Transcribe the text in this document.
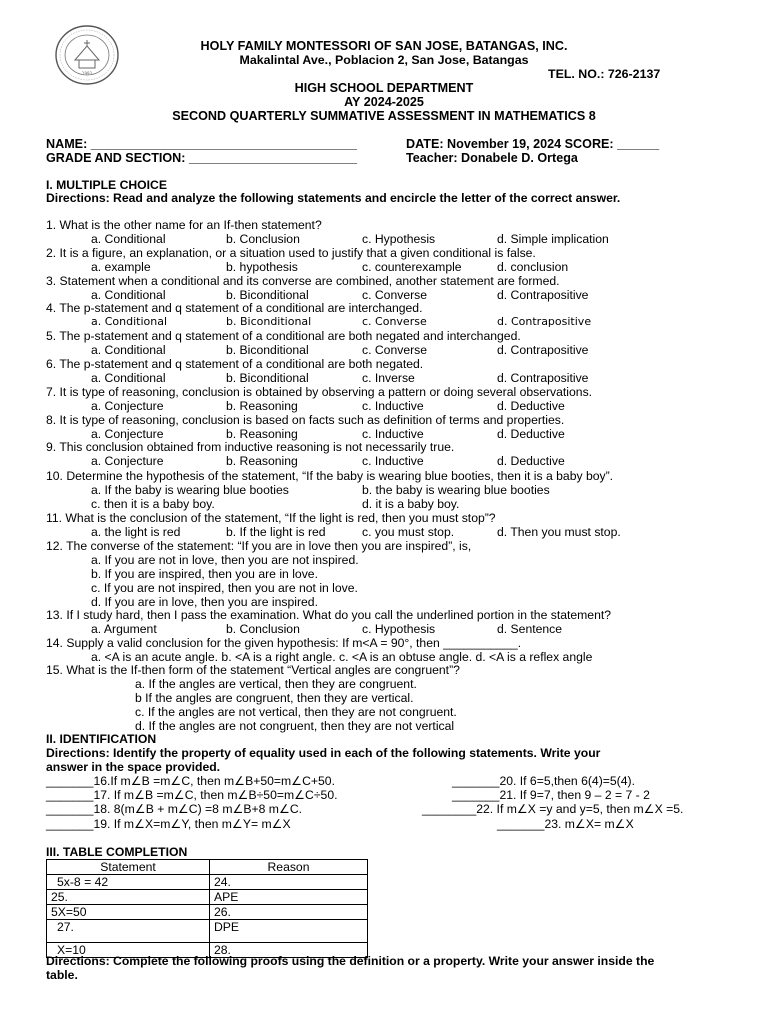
1993
HOLY FAMILY MONTESSORI OF SAN JOSE, BATANGAS, INC.
Makalintal Ave., Poblacion 2, San Jose, Batangas
TEL. NO.: 726-2137
HIGH SCHOOL DEPARTMENT
AY 2024-2025
SECOND QUARTERLY SUMMATIVE ASSESSMENT IN MATHEMATICS 8
NAME: ______________________________________	DATE: November 19, 2024 SCORE: ______
GRADE AND SECTION: ________________________	Teacher: Donabele D. Ortega
I. MULTIPLE CHOICE
Directions: Read and analyze the following statements and encircle the letter of the correct answer.
1. What is the other name for an If-then statement?
a. Conditional	b. Conclusion	c. Hypothesis	d. Simple implication
2. It is a figure, an explanation, or a situation used to justify that a given conditional is false.
a. example	b. hypothesis	c. counterexample	d. conclusion
3. Statement when a conditional and its converse are combined, another statement are formed.
a. Conditional	b. Biconditional	c. Converse	d. Contrapositive
4. The p-statement and q statement of a conditional are interchanged.
a. Conditional	b. Biconditional	c. Converse	d. Contrapositive
5. The p-statement and q statement of a conditional are both negated and interchanged.
a. Conditional	b. Biconditional	c. Converse	d. Contrapositive
6. The p-statement and q statement of a conditional are both negated.
a. Conditional	b. Biconditional	c. Inverse	d. Contrapositive
7. It is type of reasoning, conclusion is obtained by observing a pattern or doing several observations.
a. Conjecture	b. Reasoning	c. Inductive	d. Deductive
8. It is type of reasoning, conclusion is based on facts such as definition of terms and properties.
a. Conjecture	b. Reasoning	c. Inductive	d. Deductive
9. This conclusion obtained from inductive reasoning is not necessarily true.
a. Conjecture	b. Reasoning	c. Inductive	d. Deductive
10. Determine the hypothesis of the statement, “If the baby is wearing blue booties, then it is a baby boy”.
a. If the baby is wearing blue booties	b. the baby is wearing blue booties
c. then it is a baby boy.	d. it is a baby boy.
11. What is the conclusion of the statement, “If the light is red, then you must stop”?
a. the light is red	b. If the light is red	c. you must stop.	d. Then you must stop.
12. The converse of the statement: “If you are in love then you are inspired”, is,
a. If you are not in love, then you are not inspired.
b. If you are inspired, then you are in love.
c. If you are not inspired, then you are not in love.
d. If you are in love, then you are inspired.
13. If I study hard, then I pass the examination. What do you call the underlined portion in the statement?
a. Argument	b. Conclusion	c. Hypothesis	d. Sentence
14. Supply a valid conclusion for the given hypothesis: If m<A = 90°, then ___________.
a. <A is an acute angle. b. <A is a right angle. c. <A is an obtuse angle. d. <A is a reflex angle
15. What is the If-then form of the statement “Vertical angles are congruent”?
a. If the angles are vertical, then they are congruent.
b If the angles are congruent, then they are vertical.
c. If the angles are not vertical, then they are not congruent.
d. If the angles are not congruent, then they are not vertical
II. IDENTIFICATION
Directions: Identify the property of equality used in each of the following statements. Write your
answer in the space provided.
_______16.If m∠B =m∠C, then m∠B+50=m∠C+50.
_______17. If m∠B =m∠C, then m∠B÷50=m∠C÷50.
_______18. 8(m∠B + m∠C) =8 m∠B+8 m∠C.
_______19. If m∠X=m∠Y, then m∠Y= m∠X
_______20. If 6=5,then 6(4)=5(4).
_______21. If 9=7, then 9 – 2 = 7 - 2
________22. If m∠X =y and y=5, then m∠X =5.
_______23. m∠X= m∠X
III. TABLE COMPLETION
Statement	Reason
5x-8 = 42	24.
25.	APE
5X=50	26.
27.	DPE
X=10	28.
Directions: Complete the following proofs using the definition or a property. Write your answer inside the
table.
